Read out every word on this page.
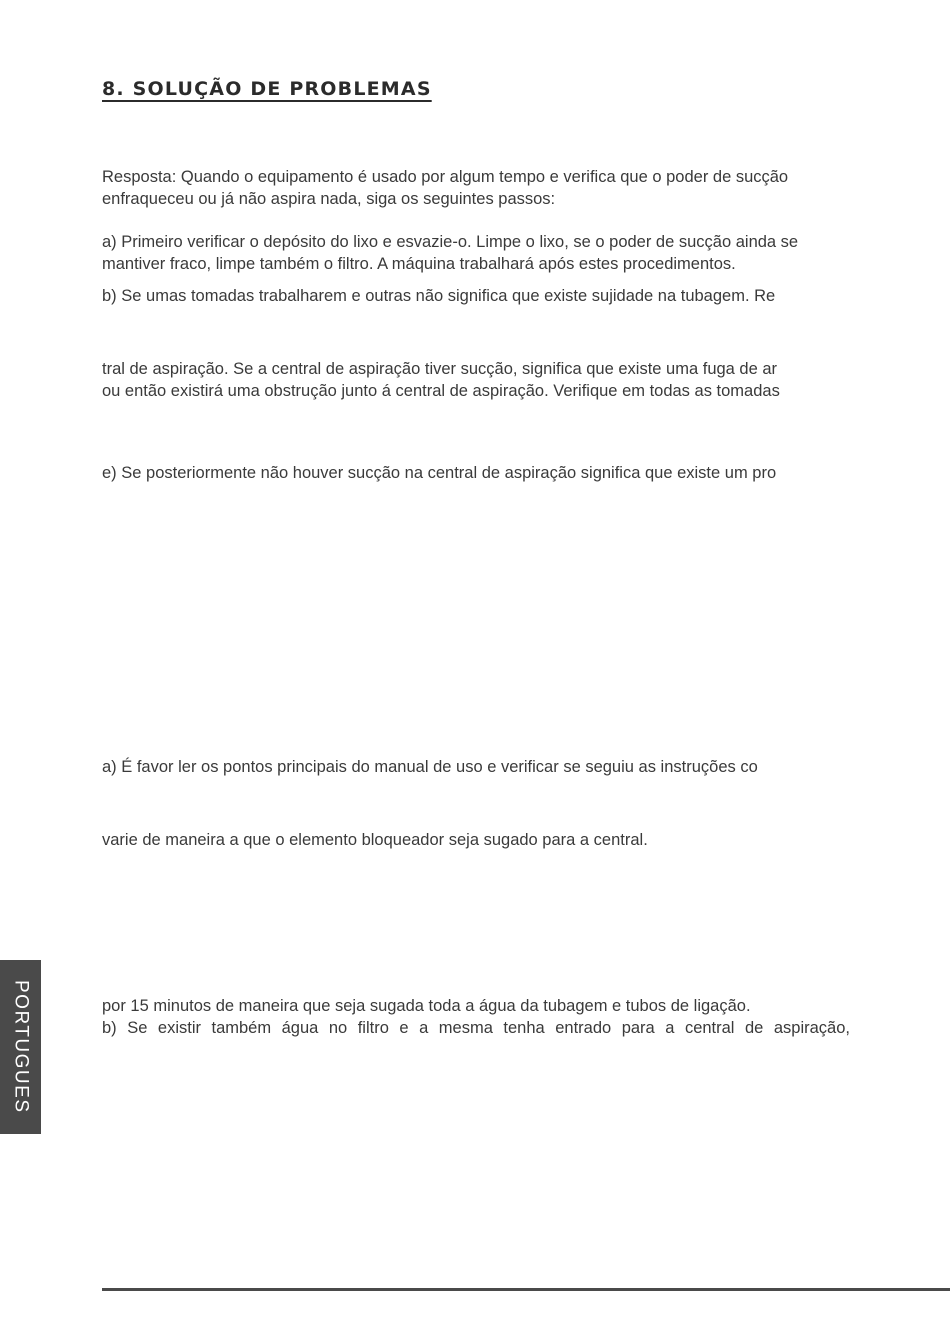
8. SOLUÇÃO DE PROBLEMAS
Resposta: Quando o equipamento é usado por algum tempo e verifica que o poder de sucção
enfraqueceu ou já não aspira nada, siga os seguintes passos:
a) Primeiro verificar o depósito do lixo e esvazie-o. Limpe o lixo, se o poder de sucção ainda se
mantiver fraco, limpe também o filtro. A máquina trabalhará após estes procedimentos.
b) Se umas tomadas trabalharem e outras não significa que existe sujidade na tubagem. Re
tral de aspiração. Se a central de aspiração tiver sucção, significa que existe uma fuga de ar
ou então existirá uma obstrução junto á central de aspiração. Verifique em todas as tomadas
e) Se posteriormente não houver sucção na central de aspiração significa que existe um pro
a) É favor ler os pontos principais do manual de uso e verificar se seguiu as instruções co
varie de maneira a que o elemento bloqueador seja sugado para a central.
por 15 minutos de maneira que seja sugada toda a água da tubagem e tubos de ligação.
b) Se existir também água no filtro e a mesma tenha entrado para a central de aspiração,
PORTUGUES
